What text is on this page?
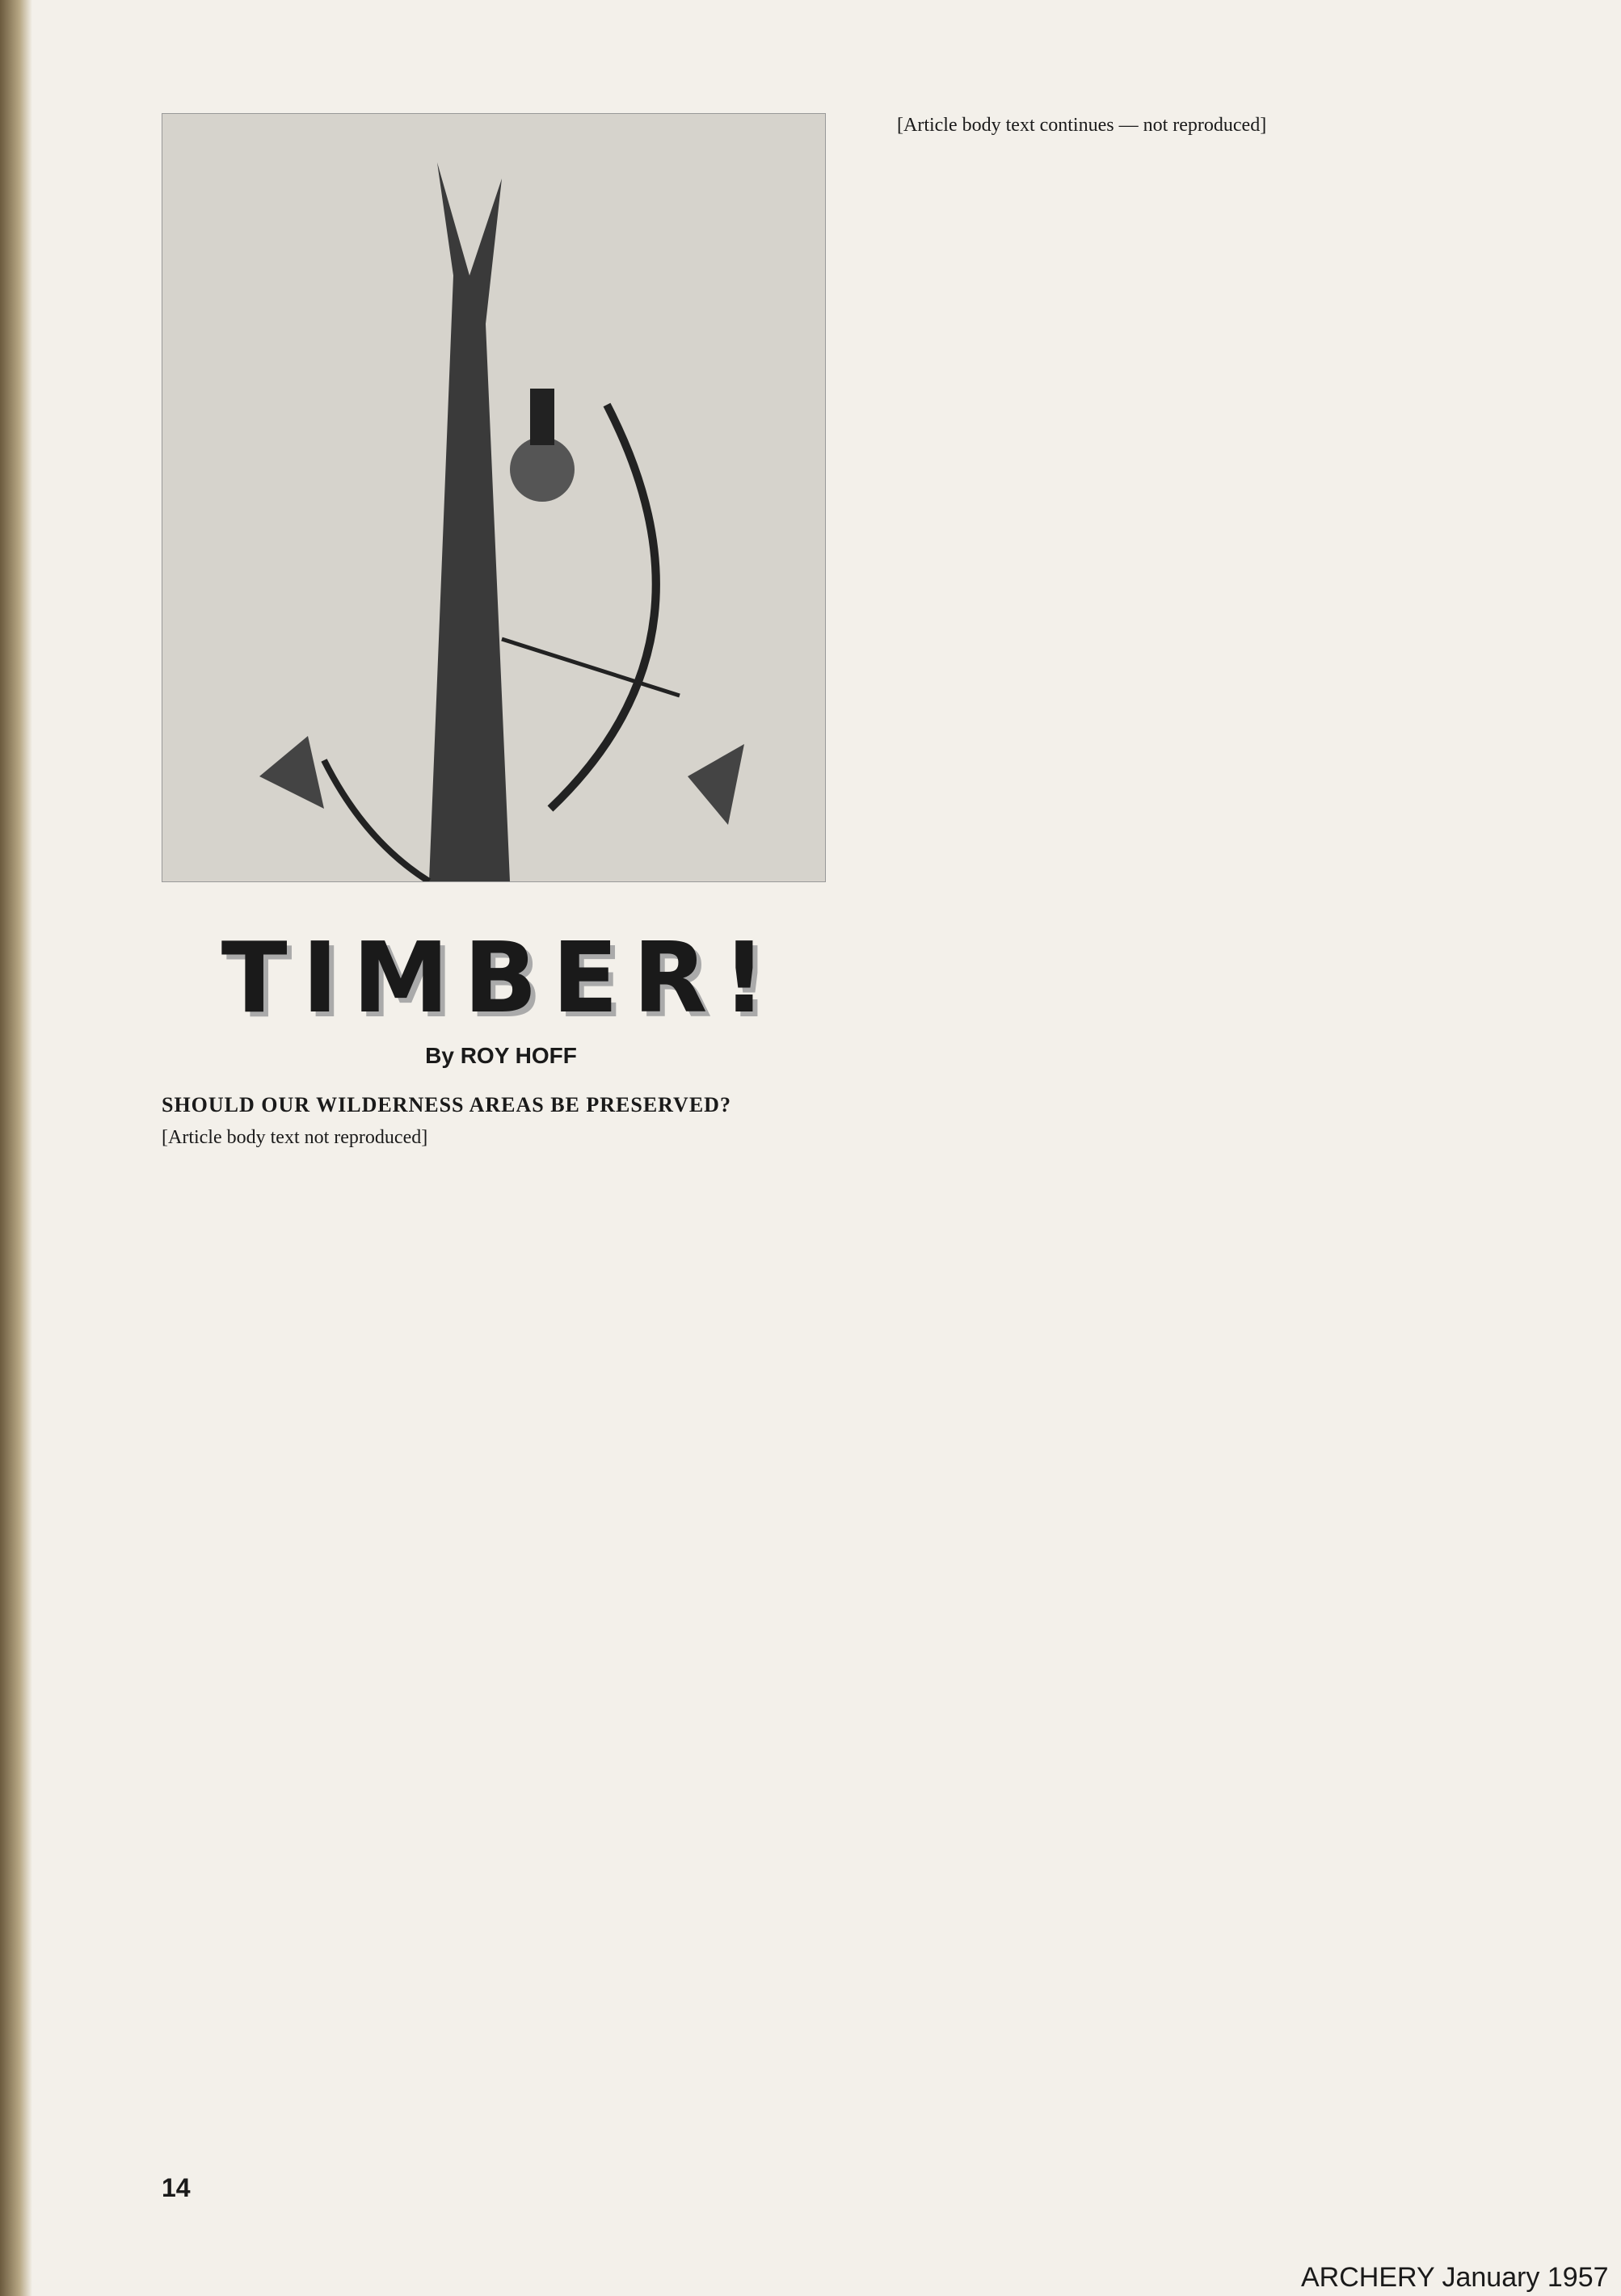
TIMBER!
By ROY HOFF
SHOULD OUR WILDERNESS AREAS BE PRESERVED?

[Article body text not reproduced]

[Article body text continues — not reproduced]

14
ARCHERY January 1957
